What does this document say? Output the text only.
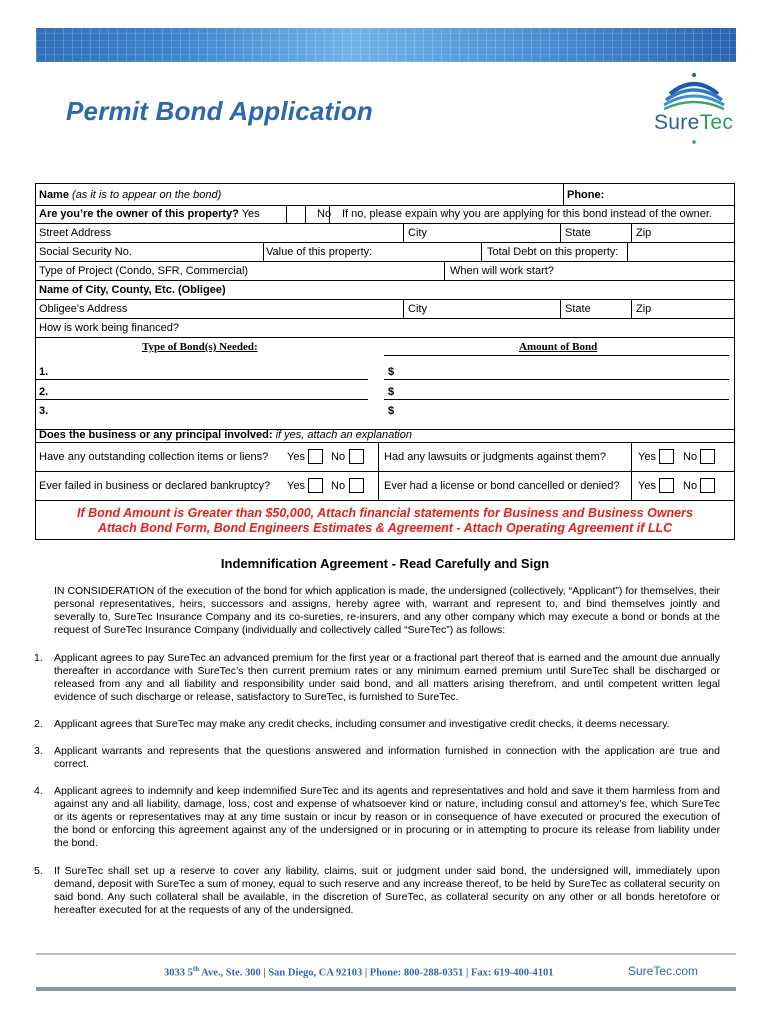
Permit Bond Application	SureTec
Name (as it is to appear on the bond)	Phone:
Are you’re the owner of this property? Yes	No If no, please expain why you are applying for this bond instead of the owner.
Street Address	City	State	Zip
Social Security No.	Value of this property:	Total Debt on this property:
Type of Project (Condo, SFR, Commercial)	When will work start?
Name of City, County, Etc. (Obligee)
Obligee's Address	City	State	Zip
How is work being financed?
Type of Bond(s) Needed:	Amount of Bond
1.	$
2.	$
3.	$
Does the business or any principal involved: if yes, attach an explanation
Have any outstanding collection items or liens? Yes No	Had any lawsuits or judgments against them?	Yes No
Ever failed in business or declared bankruptcy? Yes No	Ever had a license or bond cancelled or denied? Yes No
If Bond Amount is Greater than $50,000, Attach financial statements for Business and Business Owners
Attach Bond Form, Bond Engineers Estimates & Agreement - Attach Operating Agreement if LLC
Indemnification Agreement - Read Carefully and Sign
IN CONSIDERATION of the execution of the bond for which application is made, the undersigned (collectively, “Applicant”) for themselves, their personal representatives, heirs, successors and assigns, hereby agree with, warrant and represent to, and bind themselves jointly and severally to, SureTec Insurance Company and its co-sureties, re-insurers, and any other company which may execute a bond or bonds at the request of SureTec Insurance Company (individually and collectively called “SureTec”) as follows:
1. Applicant agrees to pay SureTec an advanced premium for the first year or a fractional part thereof that is earned and the amount due annually thereafter in accordance with SureTec’s then current premium rates or any minimum earned premium until SureTec shall be discharged or released from any and all liability and responsibility under said bond, and all matters arising therefrom, and until competent written legal evidence of such discharge or release, satisfactory to SureTec, is furnished to SureTec.
2. Applicant agrees that SureTec may make any credit checks, including consumer and investigative credit checks, it deems necessary.
3. Applicant warrants and represents that the questions answered and information furnished in connection with the application are true and correct.
4. Applicant agrees to indemnify and keep indemnified SureTec and its agents and representatives and hold and save it them harmless from and against any and all liability, damage, loss, cost and expense of whatsoever kind or nature, including consul and attorney’s fee, which SureTec or its agents or representatives may at any time sustain or incur by reason or in consequence of have executed or procured the execution of the bond or enforcing this agreement against any of the undersigned or in procuring or in attempting to procure its release from liability under the bond.
5. If SureTec shall set up a reserve to cover any liability, claims, suit or judgment under said bond, the undersigned will, immediately upon demand, deposit with SureTec a sum of money, equal to such reserve and any increase thereof, to be held by SureTec as collateral security on said bond. Any such collateral shall be available, in the discretion of SureTec, as collateral security on any other or all bonds heretofore or hereafter executed for at the requests of any of the undersigned.
3033 5th Ave., Ste. 300 | San Diego, CA 92103 | Phone: 800-288-0351 | Fax: 619-400-4101	SureTec.com
